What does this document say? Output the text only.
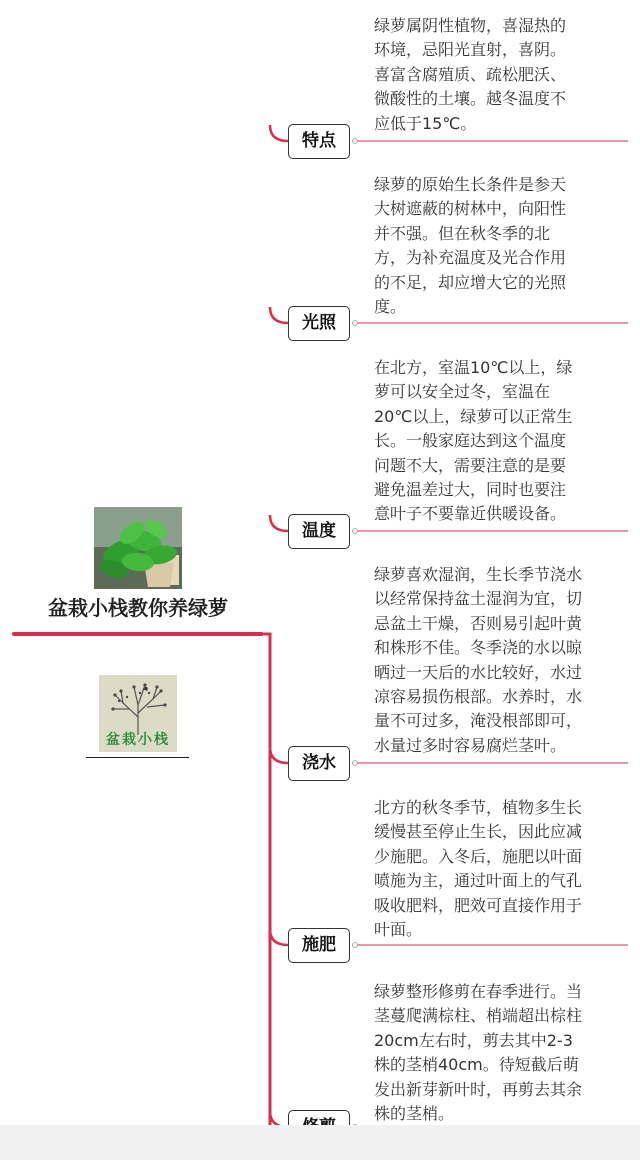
盆栽小栈教你养绿萝
盆栽小栈
特点
绿萝属阴性植物，喜湿热的
环境，忌阳光直射，喜阴。
喜富含腐殖质、疏松肥沃、
微酸性的土壤。越冬温度不
应低于15℃。
光照
绿萝的原始生长条件是参天
大树遮蔽的树林中，向阳性
并不强。但在秋冬季的北
方，为补充温度及光合作用
的不足，却应增大它的光照
度。
温度
在北方，室温10℃以上，绿
萝可以安全过冬，室温在
20℃以上，绿萝可以正常生
长。一般家庭达到这个温度
问题不大，需要注意的是要
避免温差过大，同时也要注
意叶子不要靠近供暖设备。
浇水
绿萝喜欢湿润，生长季节浇水
以经常保持盆土湿润为宜，切
忌盆土干燥，否则易引起叶黄
和株形不佳。冬季浇的水以晾
晒过一天后的水比较好，水过
凉容易损伤根部。水养时，水
量不可过多，淹没根部即可，
水量过多时容易腐烂茎叶。
施肥
北方的秋冬季节，植物多生长
缓慢甚至停止生长，因此应减
少施肥。入冬后，施肥以叶面
喷施为主，通过叶面上的气孔
吸收肥料，肥效可直接作用于
叶面。
绿萝整形修剪在春季进行。当
茎蔓爬满棕柱、梢端超出棕柱
20cm左右时，剪去其中2-3
株的茎梢40cm。待短截后萌
发出新芽新叶时，再剪去其余
株的茎梢。
